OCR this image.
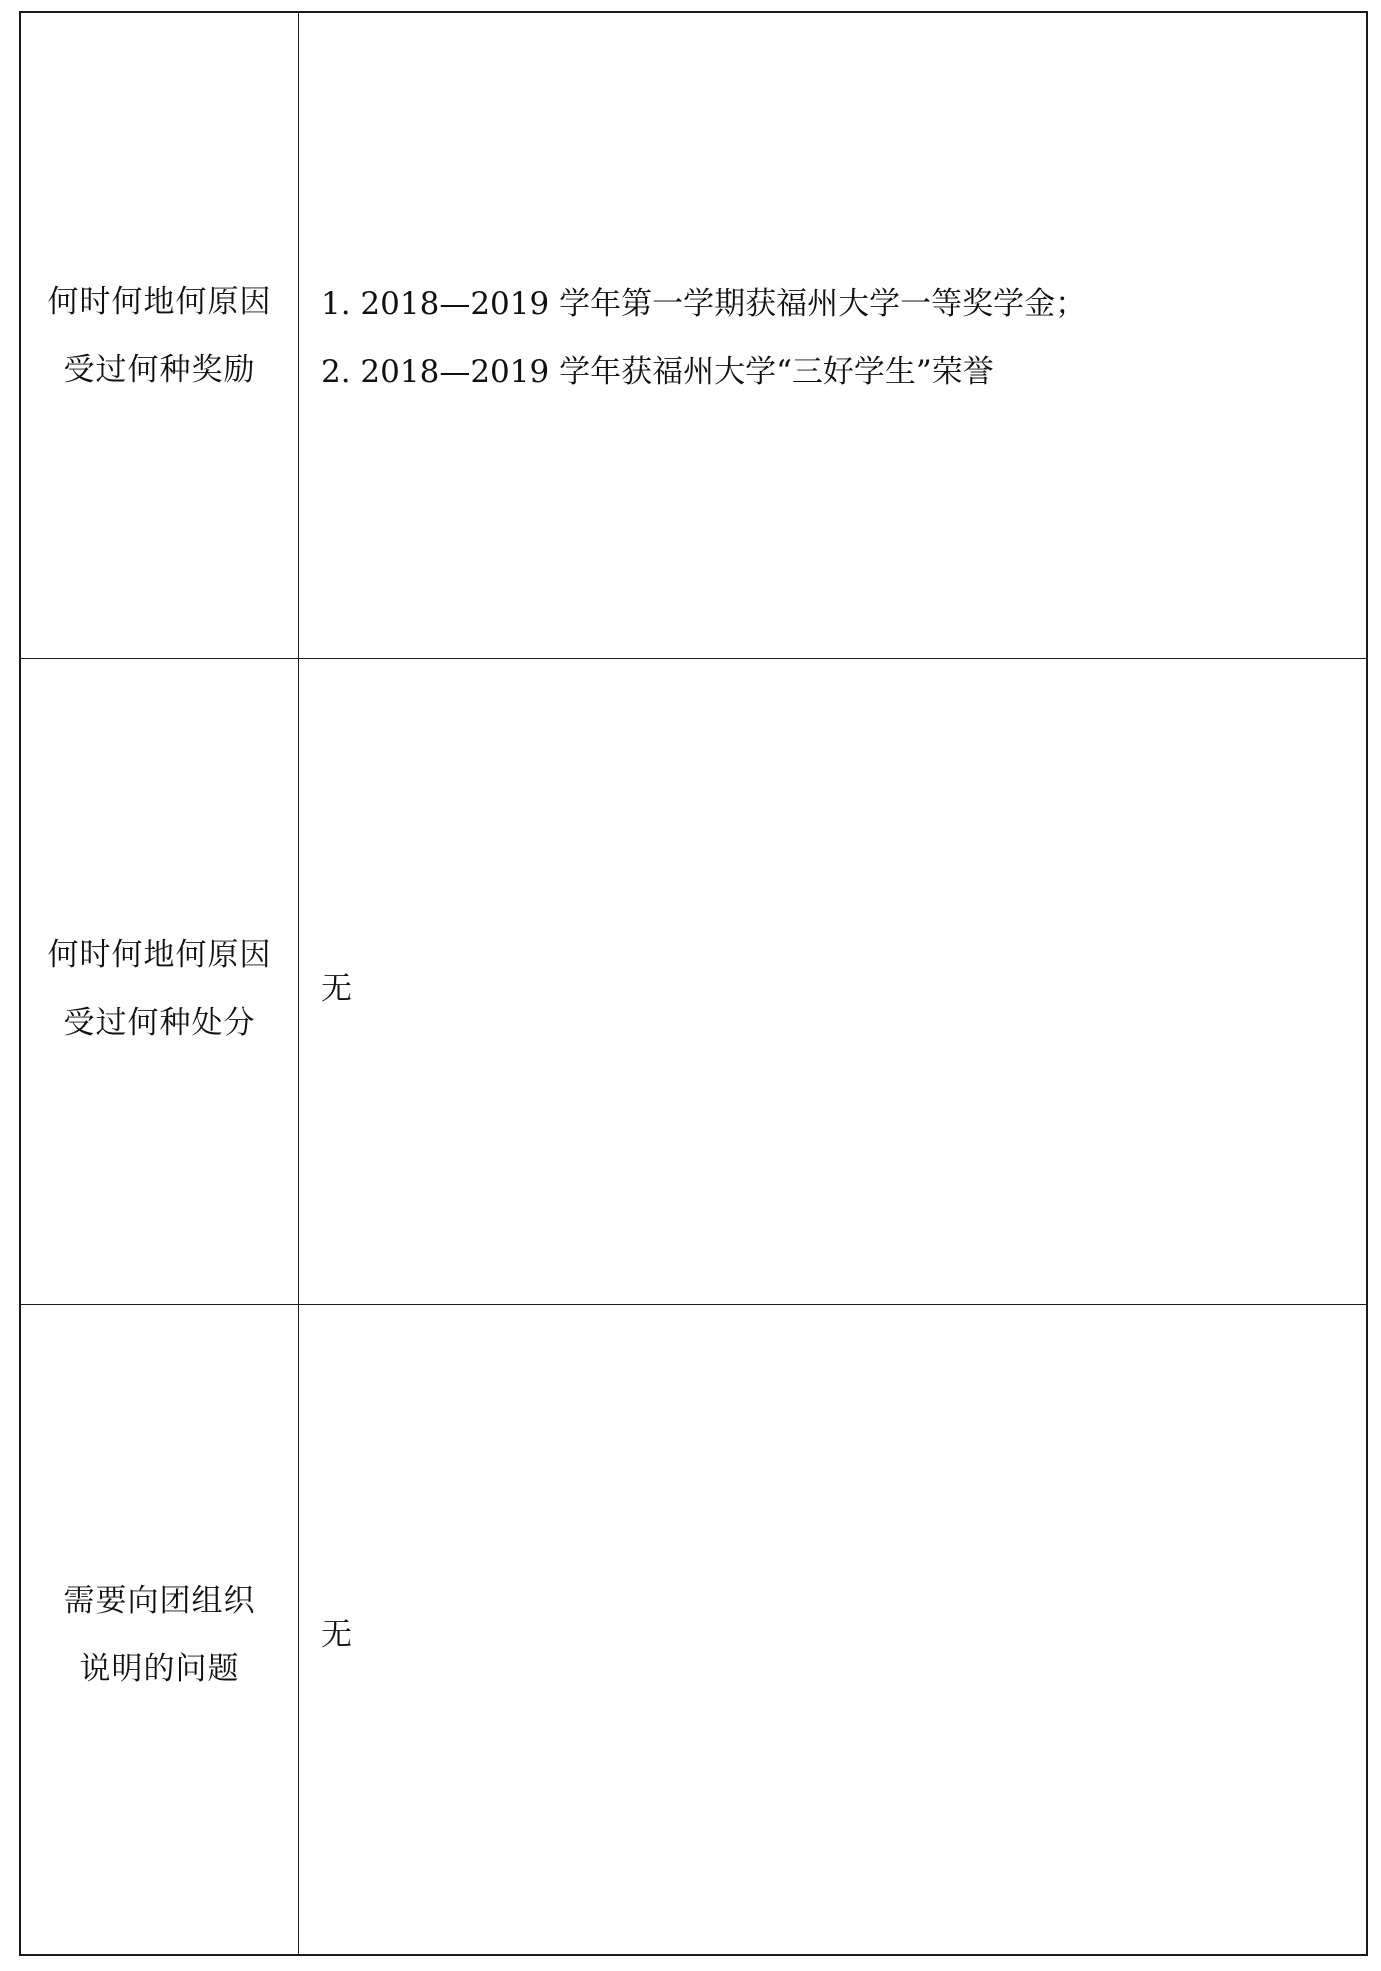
何时何地何原因
受过何种奖励
1. 2018—2019 学年第一学期获福州大学一等奖学金；
2. 2018—2019 学年获福州大学“三好学生”荣誉
何时何地何原因
受过何种处分
无
需要向团组织
说明的问题
无
